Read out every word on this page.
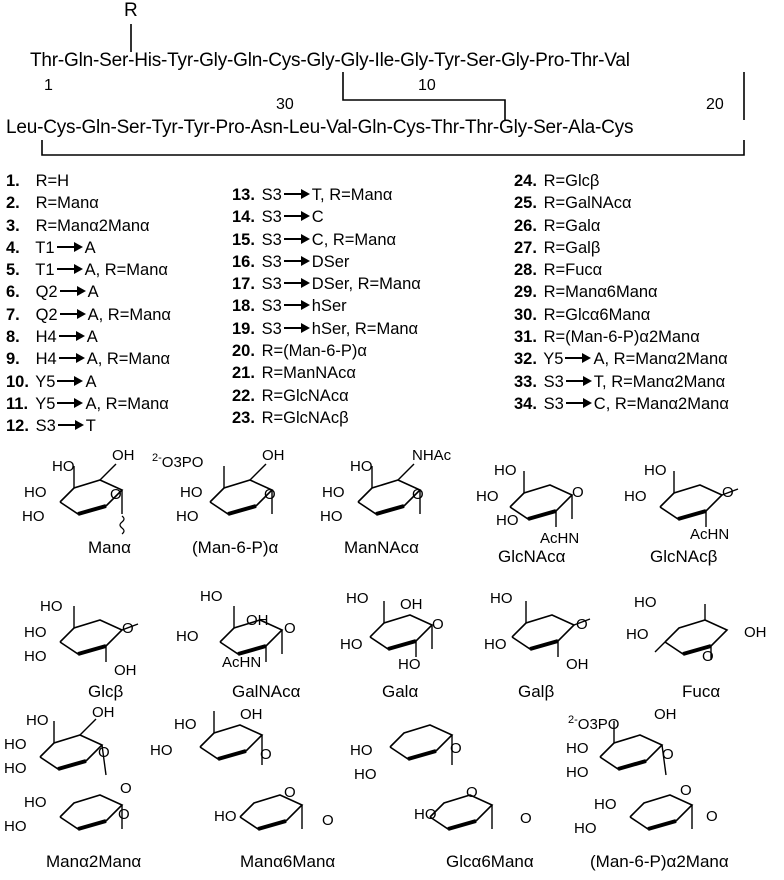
R
Thr-Gln-Ser-His-Tyr-Gly-Gln-Cys-Gly-Gly-Ile-Gly-Tyr-Ser-Gly-Pro-Thr-Val
1	10
30	20
Leu-Cys-Gln-Ser-Tyr-Tyr-Pro-Asn-Leu-Val-Gln-Cys-Thr-Thr-Gly-Ser-Ala-Cys
1. R=H
2. R=Manα
3. R=Manα2Manα
4. T1 A
5. T1 A, R=Manα
6. Q2 A
7. Q2 A, R=Manα
8. H4 A
9. H4 A, R=Manα
10. Y5 A
11. Y5 A, R=Manα
12. S3 T
13. S3 T, R=Manα
14. S3 C
15. S3 C, R=Manα
16. S3 DSer
17. S3 DSer, R=Manα
18. S3 hSer
19. S3 hSer, R=Manα
20. R=(Man-6-P)α
21. R=ManNAcα
22. R=GlcNAcα
23. R=GlcNAcβ
24. R=Glcβ
25. R=GalNAcα
26. R=Galα
27. R=Galβ
28. R=Fucα
29. R=Manα6Manα
30. R=Glcα6Manα
31. R=(Man-6-P)α2Manα
32. Y5 A, R=Manα2Manα
33. S3 T, R=Manα2Manα
34. S3 C, R=Manα2Manα
OH
HO
O
HO
HO
$^{2-}$O3PO	OH
O
HO
HO
NHAc
HO
O
HO
HO
HO
HO
HO
O
AcHN
HO
HO	O
AcHN
HO
HO
HO
O
OH
HO
OH
HO	O
AcHN
HO OH
HO
O
HO
HO
HO
O
OH
HO
OH
HO
O
HO	OH
HO
HO
O
O
HO
HO
O
HO
OH
HO	O
O
HO	O
HO
HO
O
O
HO	O
$^{2-}$O3PO
OH
HO
HO
O
O
HO
HO
O
Manα	(Man-6-P)α	ManNAcα	GlcNAcα	GlcNAcβ
Glcβ	GalNAcα	Galα	Galβ	Fucα
Manα2Manα	Manα6Manα	Glcα6Manα	(Man-6-P)α2Manα
